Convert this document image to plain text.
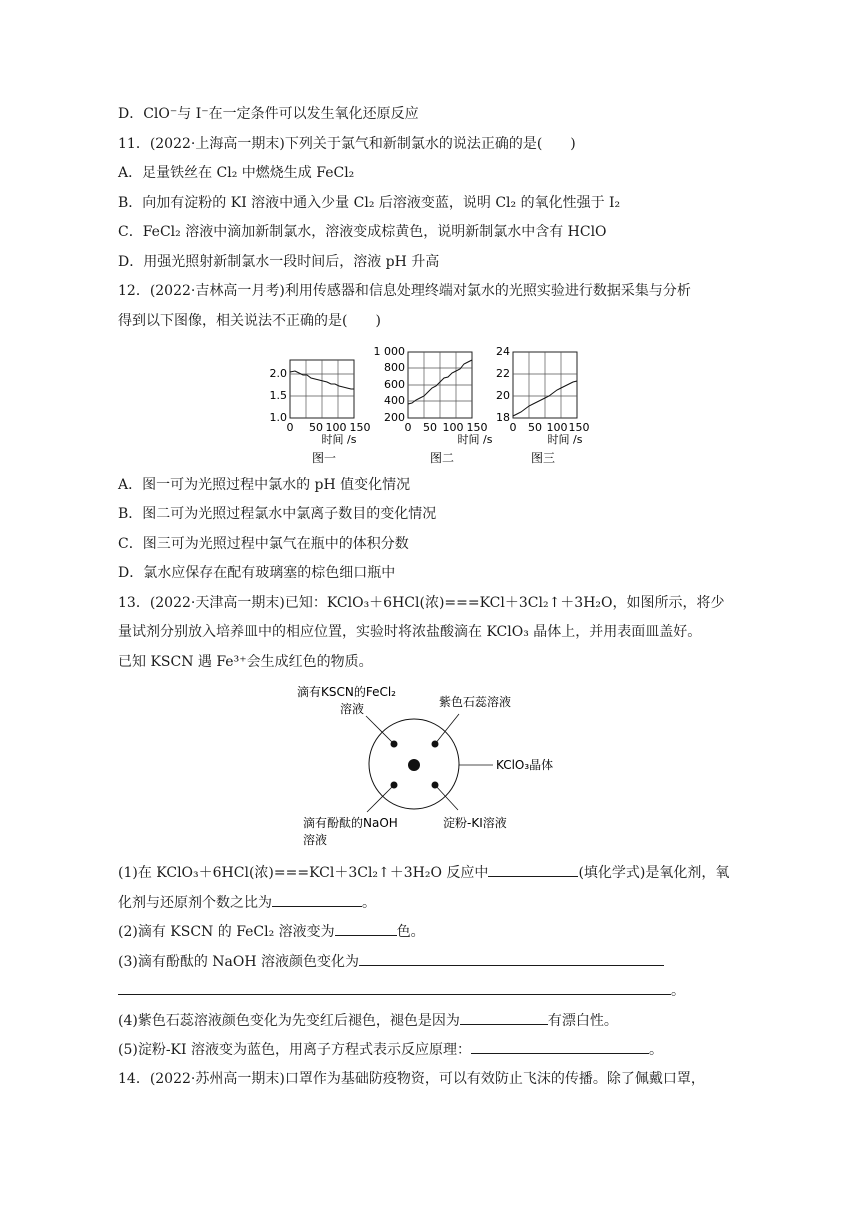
D．ClO⁻与 I⁻在一定条件可以发生氧化还原反应
11．(2022·上海高一期末)下列关于氯气和新制氯水的说法正确的是(　　)
A．足量铁丝在 Cl₂ 中燃烧生成 FeCl₂
B．向加有淀粉的 KI 溶液中通入少量 Cl₂ 后溶液变蓝，说明 Cl₂ 的氧化性强于 I₂
C．FeCl₂ 溶液中滴加新制氯水，溶液变成棕黄色，说明新制氯水中含有 HClO
D．用强光照射新制氯水一段时间后，溶液 pH 升高
12．(2022·吉林高一月考)利用传感器和信息处理终端对氯水的光照实验进行数据采集与分析
得到以下图像，相关说法不正确的是(　　)
2.0
1.5
1.0
0 50 100 150
时间 /s
图一
1 000
800
600
400
200
0 50 100 150
时间 /s
图二
24
22
20
18
0 50 100 150
时间 /s
图三
A．图一可为光照过程中氯水的 pH 值变化情况
B．图二可为光照过程氯水中氯离子数目的变化情况
C．图三可为光照过程中氯气在瓶中的体积分数
D．氯水应保存在配有玻璃塞的棕色细口瓶中
13．(2022·天津高一期末)已知：KClO₃＋6HCl(浓)===KCl＋3Cl₂↑＋3H₂O，如图所示，将少
量试剂分别放入培养皿中的相应位置，实验时将浓盐酸滴在 KClO₃ 晶体上，并用表面皿盖好。
已知 KSCN 遇 Fe³⁺会生成红色的物质。
滴有KSCN的FeCl₂
溶液	紫色石蕊溶液
KClO₃晶体
滴有酚酞的NaOH
溶液
淀粉-KI溶液
(1)在 KClO₃＋6HCl(浓)===KCl＋3Cl₂↑＋3H₂O 反应中	(填化学式)是氧化剂，氧
化剂与还原剂个数之比为	。
(2)滴有 KSCN 的 FeCl₂ 溶液变为	色。
(3)滴有酚酞的 NaOH 溶液颜色变化为
。
(4)紫色石蕊溶液颜色变化为先变红后褪色，褪色是因为	有漂白性。
(5)淀粉-KI 溶液变为蓝色，用离子方程式表示反应原理：	。
14．(2022·苏州高一期末)口罩作为基础防疫物资，可以有效防止飞沫的传播。除了佩戴口罩，
